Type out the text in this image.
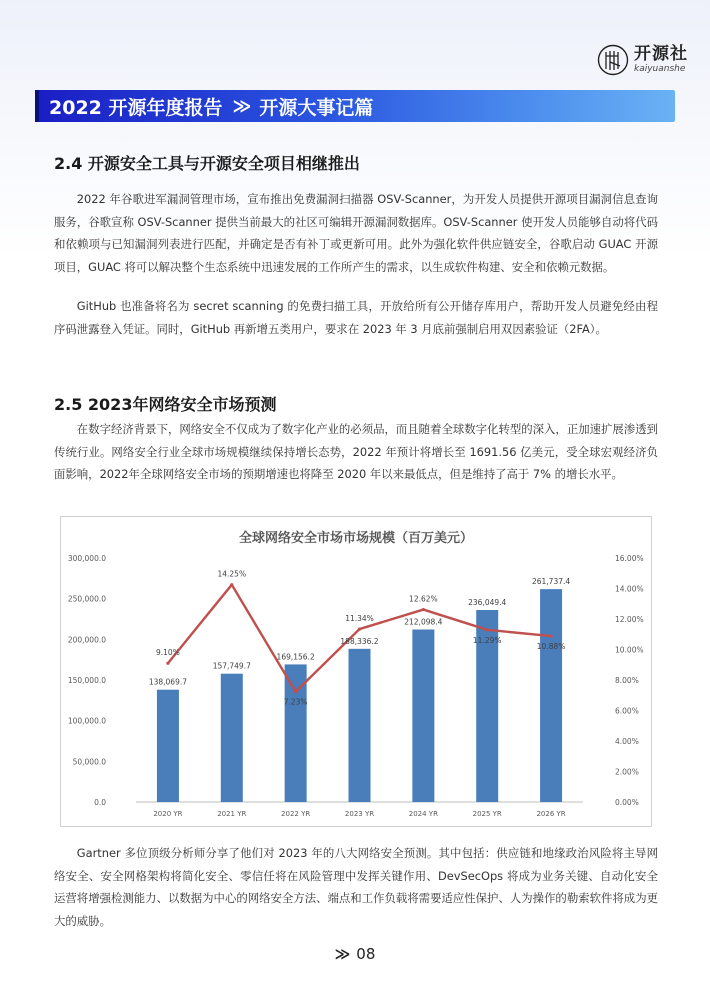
开源社
kaiyuanshe
2022 开源年度报告 ≫ 开源大事记篇
2.4 开源安全工具与开源安全项目相继推出

2022 年谷歌进军漏洞管理市场，宣布推出免费漏洞扫描器 OSV-Scanner，为开发人员提供开源项目漏洞信息查询服务，谷歌宣称 OSV-Scanner 提供当前最大的社区可编辑开源漏洞数据库。OSV-Scanner 使开发人员能够自动将代码和依赖项与已知漏洞列表进行匹配，并确定是否有补丁或更新可用。此外为强化软件供应链安全，谷歌启动 GUAC 开源项目，GUAC 将可以解决整个生态系统中迅速发展的工作所产生的需求，以生成软件构建、安全和依赖元数据。

GitHub 也准备将名为 secret scanning 的免费扫描工具，开放给所有公开储存库用户，帮助开发人员避免经由程序码泄露登入凭证。同时，GitHub 再新增五类用户，要求在 2023 年 3 月底前强制启用双因素验证（2FA）。

2.5 2023年网络安全市场预测

在数字经济背景下，网络安全不仅成为了数字化产业的必须品，而且随着全球数字化转型的深入，正加速扩展渗透到传统行业。网络安全行业全球市场规模继续保持增长态势，2022 年预计将增长至 1691.56 亿美元，受全球宏观经济负面影响，2022年全球网络安全市场的预期增速也将降至 2020 年以来最低点，但是维持了高于 7% 的增长水平。

全球网络安全市场市场规模（百万美元）
0.0
50,000.0
100,000.0
150,000.0
200,000.0
250,000.0
300,000.0
0.00%
2.00%
4.00%
6.00%
8.00%
10.00%
12.00%
14.00%
16.00%
2020 YR	2021 YR	2022 YR	2023 YR	2024 YR	2025 YR	2026 YR
138,069.7
157,749.7
169,156.2
188,336.2
212,098.4
236,049.4
261,737.4
9.10%
14.25%
7.23%
11.34%
12.62%
11.29%
10.88%

Gartner 多位顶级分析师分享了他们对 2023 年的八大网络安全预测。其中包括：供应链和地缘政治风险将主导网络安全、安全网格架构将简化安全、零信任将在风险管理中发挥关键作用、DevSecOps 将成为业务关键、自动化安全运营将增强检测能力、以数据为中心的网络安全方法、端点和工作负载将需要适应性保护、人为操作的勒索软件将成为更大的威胁。

≫ 08
